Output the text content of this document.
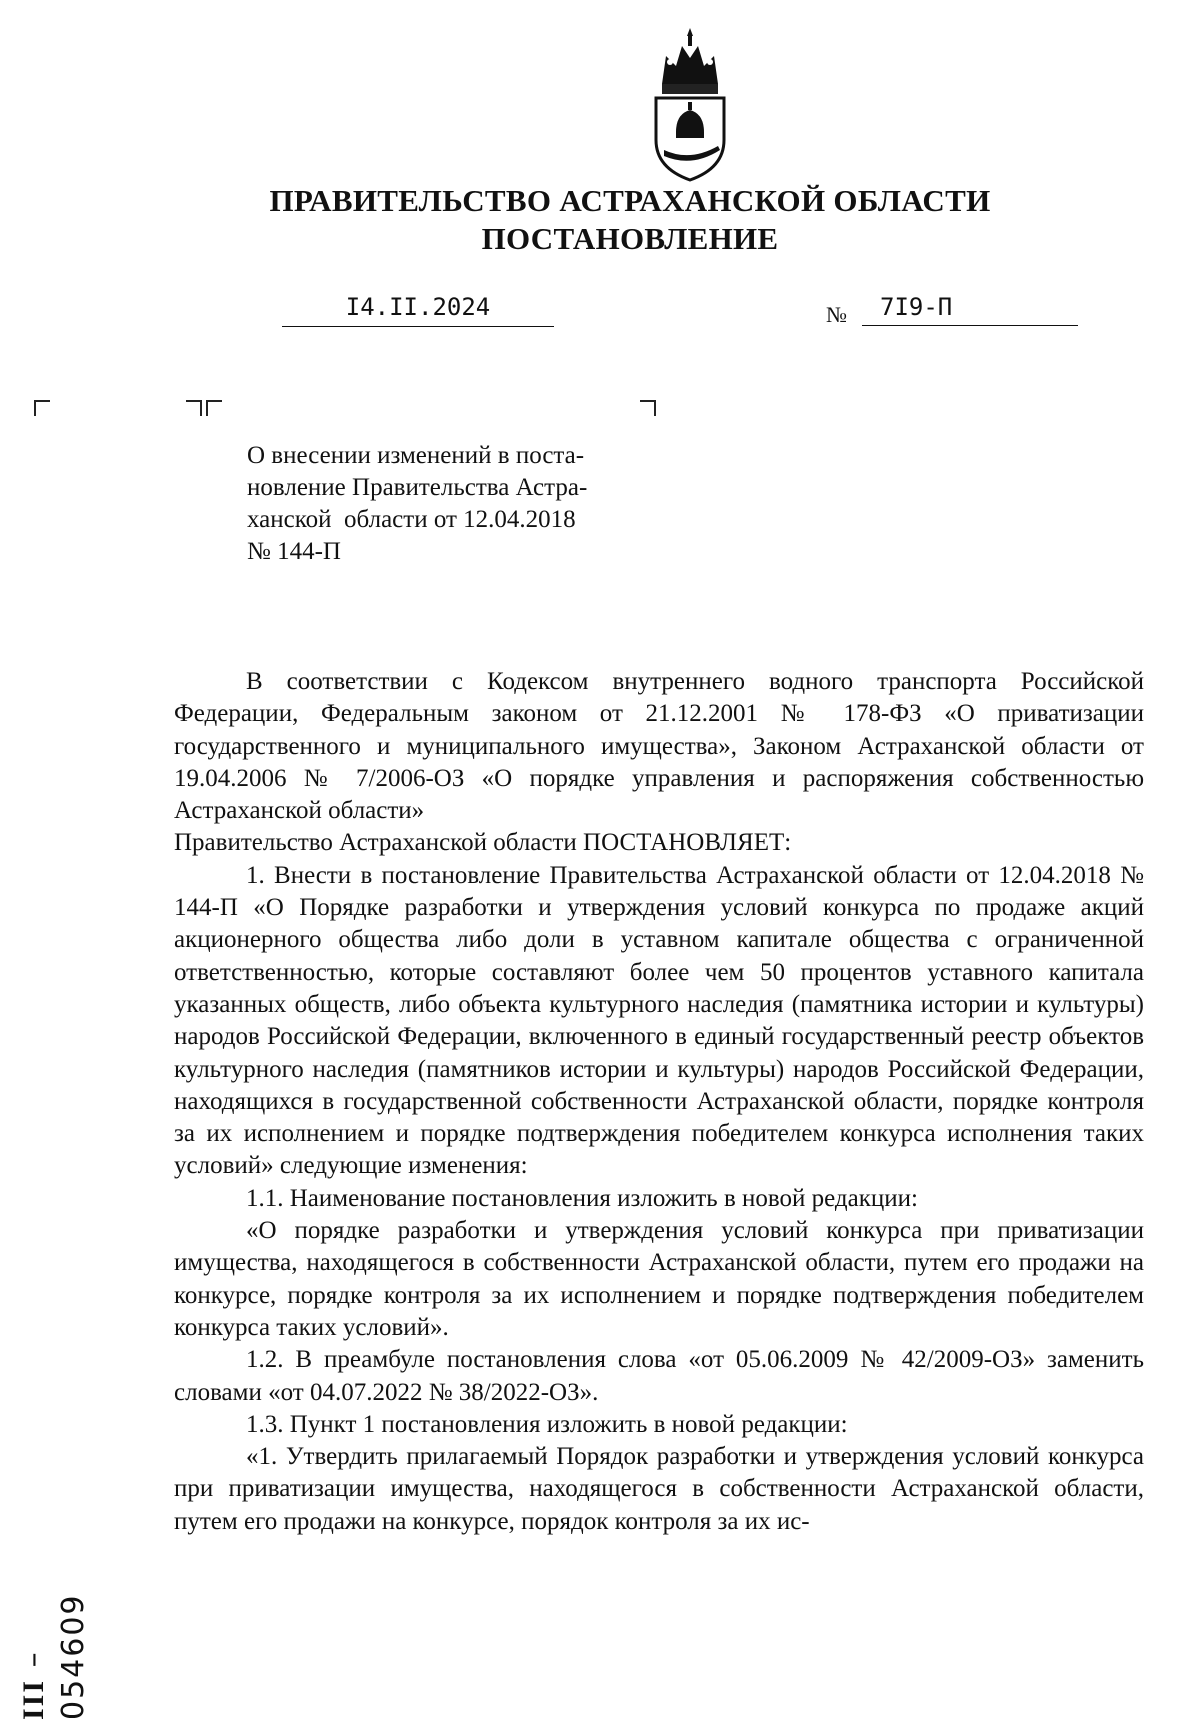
ПРАВИТЕЛЬСТВО АСТРАХАНСКОЙ ОБЛАСТИ
ПОСТАНОВЛЕНИЕ
I4.II.2024	№	7I9-П
О внесении изменений в поста-
новление Правительства Астра-
ханской  области от 12.04.2018
№ 144-П

В соответствии с Кодексом внутреннего водного транспорта Российской Федерации, Федеральным законом от 21.12.2001 № 178-ФЗ «О приватизации государственного и муниципального имущества», Законом Астраханской области от 19.04.2006 № 7/2006-ОЗ «О порядке управления и распоряжения собственностью Астраханской области»

Правительство Астраханской области ПОСТАНОВЛЯЕТ:

1. Внести в постановление Правительства Астраханской области от 12.04.2018 № 144-П «О Порядке разработки и утверждения условий конкурса по продаже акций акционерного общества либо доли в уставном капитале общества с ограниченной ответственностью, которые составляют более чем 50 процентов уставного капитала указанных обществ, либо объекта культурного наследия (памятника истории и культуры) народов Российской Федерации, включенного в единый государственный реестр объектов культурного наследия (памятников истории и культуры) народов Российской Федерации, находящихся в государственной собственности Астраханской области, порядке контроля за их исполнением и порядке подтверждения победителем конкурса исполнения таких условий» следующие изменения:

1.1. Наименование постановления изложить в новой редакции:

«О порядке разработки и утверждения условий конкурса при приватизации имущества, находящегося в собственности Астраханской области, путем его продажи на конкурсе, порядке контроля за их исполнением и порядке подтверждения победителем конкурса таких условий».

1.2. В преамбуле постановления слова «от 05.06.2009 № 42/2009-ОЗ» заменить словами «от 04.07.2022 № 38/2022-ОЗ».

1.3. Пункт 1 постановления изложить в новой редакции:

«1. Утвердить прилагаемый Порядок разработки и утверждения условий конкурса при приватизации имущества, находящегося в собственности Астраханской области, путем его продажи на конкурсе, порядок контроля за их ис-

III – 054609
